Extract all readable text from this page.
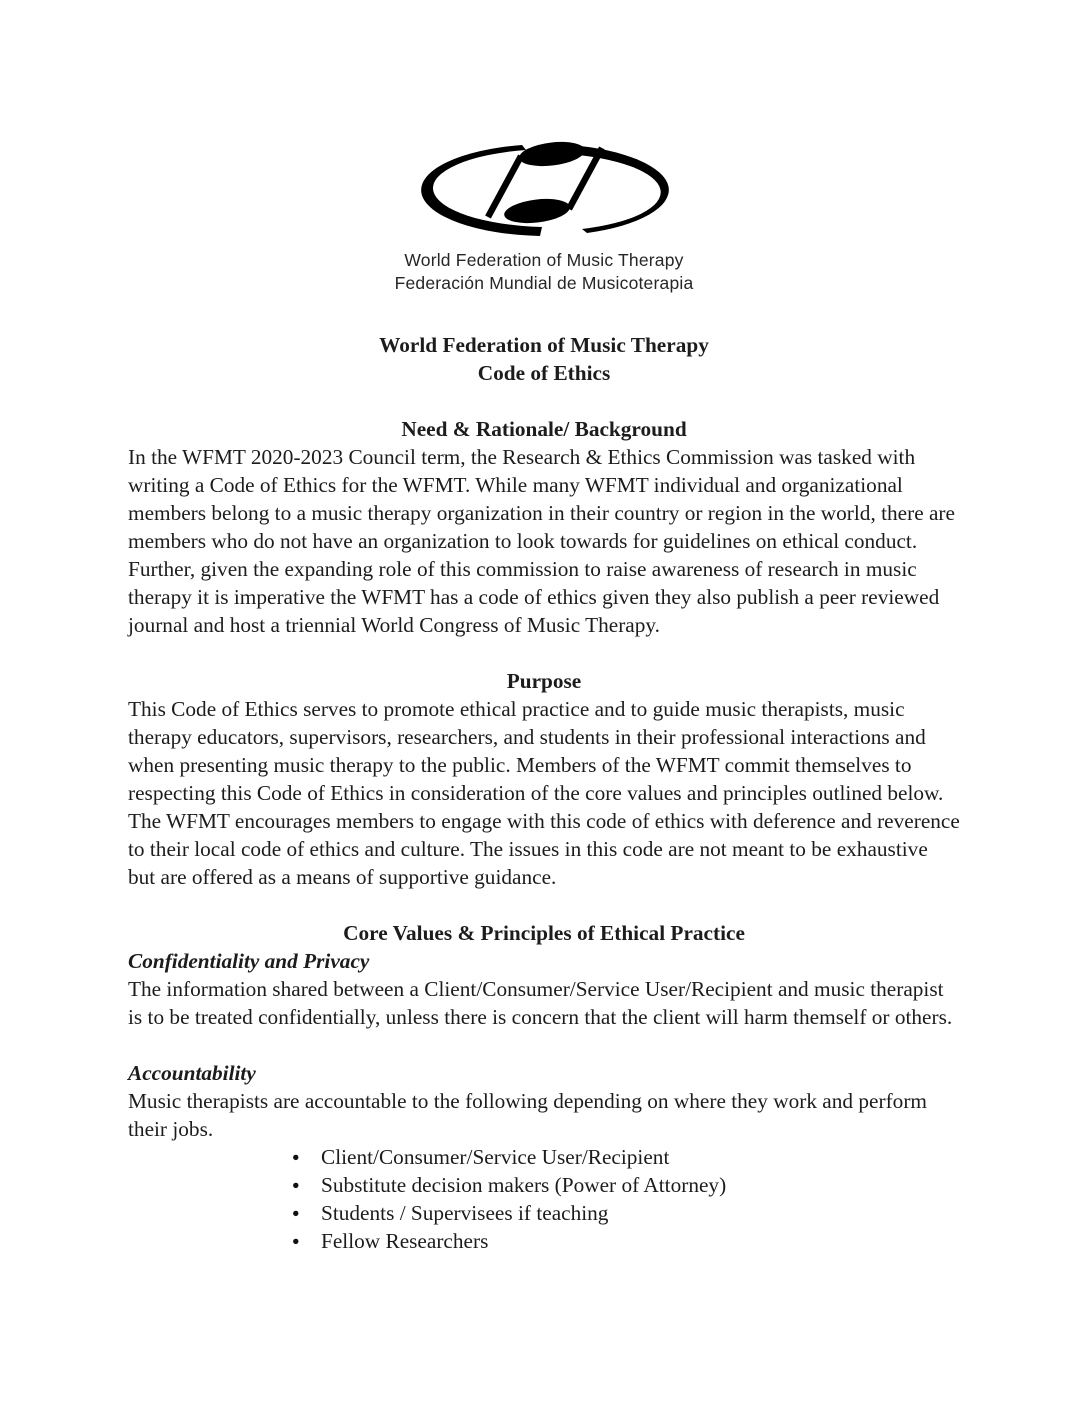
World Federation of Music Therapy
Federación Mundial de Musicoterapia
World Federation of Music Therapy
Code of Ethics
Need & Rationale/ Background
In the WFMT 2020-2023 Council term, the Research & Ethics Commission was tasked with writing a Code of Ethics for the WFMT. While many WFMT individual and organizational members belong to a music therapy organization in their country or region in the world, there are members who do not have an organization to look towards for guidelines on ethical conduct. Further, given the expanding role of this commission to raise awareness of research in music therapy it is imperative the WFMT has a code of ethics given they also publish a peer reviewed journal and host a triennial World Congress of Music Therapy.
Purpose
This Code of Ethics serves to promote ethical practice and to guide music therapists, music therapy educators, supervisors, researchers, and students in their professional interactions and when presenting music therapy to the public. Members of the WFMT commit themselves to respecting this Code of Ethics in consideration of the core values and principles outlined below. The WFMT encourages members to engage with this code of ethics with deference and reverence to their local code of ethics and culture. The issues in this code are not meant to be exhaustive but are offered as a means of supportive guidance.
Core Values & Principles of Ethical Practice
Confidentiality and Privacy
The information shared between a Client/Consumer/Service User/Recipient and music therapist is to be treated confidentially, unless there is concern that the client will harm themself or others.
Accountability
Music therapists are accountable to the following depending on where they work and perform their jobs.
●	Client/Consumer/Service User/Recipient
●	Substitute decision makers (Power of Attorney)
●	Students / Supervisees if teaching
●	Fellow Researchers
